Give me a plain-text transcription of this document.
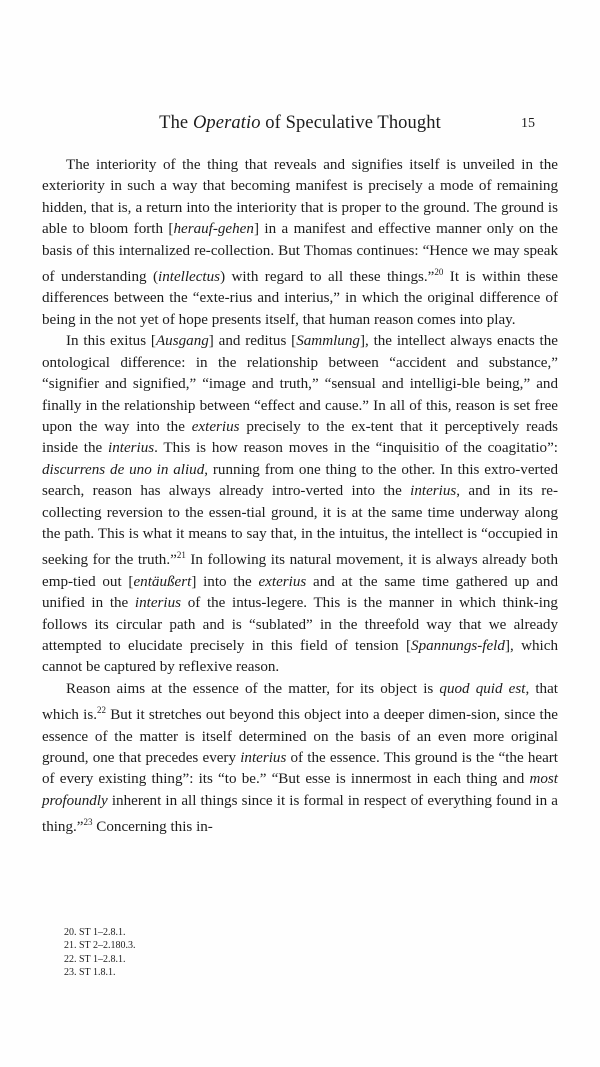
The Operatio of Speculative Thought	15

The interiority of the thing that reveals and signifies itself is unveiled in the exteriority in such a way that becoming manifest is precisely a mode of remaining hidden, that is, a return into the interiority that is proper to the ground. The ground is able to bloom forth [herauf-gehen] in a manifest and effective manner only on the basis of this internalized re-collection. But Thomas continues: “Hence we may speak of understanding (intellectus) with regard to all these things.”$^{20}$ It is within these differences between the “exte-rius and interius,” in which the original difference of being in the not yet of hope presents itself, that human reason comes into play.

In this exitus [Ausgang] and reditus [Sammlung], the intellect always enacts the ontological difference: in the relationship between “accident and substance,” “signifier and signified,” “image and truth,” “sensual and intelligi-ble being,” and finally in the relationship between “effect and cause.” In all of this, reason is set free upon the way into the exterius precisely to the ex-tent that it perceptively reads inside the interius. This is how reason moves in the “inquisitio of the coagitatio”: discurrens de uno in aliud, running from one thing to the other. In this extro-verted search, reason has always already intro-verted into the interius, and in its re-collecting reversion to the essen-tial ground, it is at the same time underway along the path. This is what it means to say that, in the intuitus, the intellect is “occupied in seeking for the truth.”$^{21}$ In following its natural movement, it is always already both emp-tied out [entäußert] into the exterius and at the same time gathered up and unified in the interius of the intus-legere. This is the manner in which think-ing follows its circular path and is “sublated” in the threefold way that we already attempted to elucidate precisely in this field of tension [Spannungs-feld], which cannot be captured by reflexive reason.

Reason aims at the essence of the matter, for its object is quod quid est, that which is.$^{22}$ But it stretches out beyond this object into a deeper dimen-sion, since the essence of the matter is itself determined on the basis of an even more original ground, one that precedes every interius of the essence. This ground is the “the heart of every existing thing”: its “to be.” “But esse is innermost in each thing and most profoundly inherent in all things since it is formal in respect of everything found in a thing.”$^{23}$ Concerning this in-

20. ST 1–2.8.1.
21. ST 2–2.180.3.
22. ST 1–2.8.1.
23. ST 1.8.1.
